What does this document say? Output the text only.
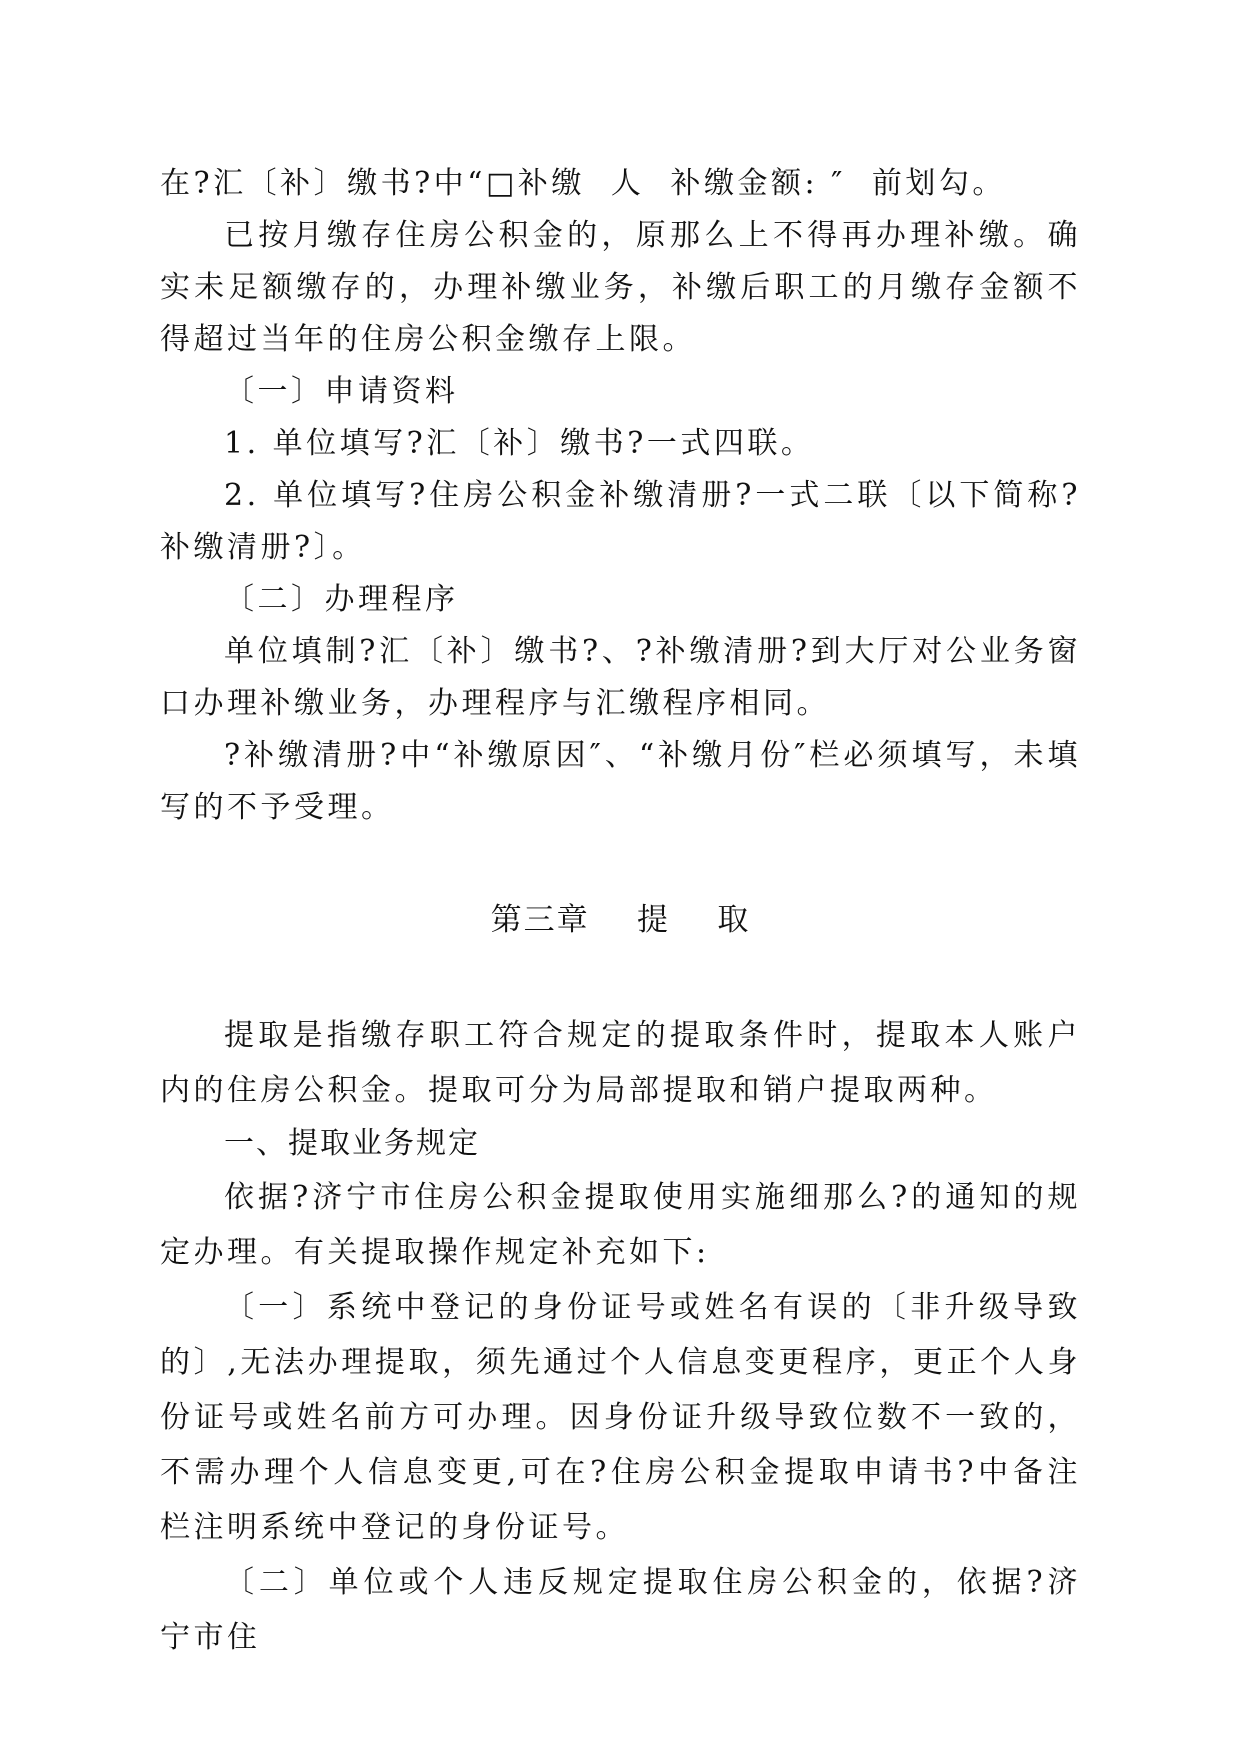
在?汇〔补〕缴书?中“□补缴  人  补缴金额: ″  前划勾。

已按月缴存住房公积金的，原那么上不得再办理补缴。确实未足额缴存的，办理补缴业务，补缴后职工的月缴存金额不得超过当年的住房公积金缴存上限。

〔一〕申请资料

1. 单位填写?汇〔补〕缴书?一式四联。

2. 单位填写?住房公积金补缴清册?一式二联〔以下简称?补缴清册?〕。

〔二〕办理程序

单位填制?汇〔补〕缴书?、?补缴清册?到大厅对公业务窗口办理补缴业务，办理程序与汇缴程序相同。

?补缴清册?中“补缴原因″、“补缴月份″栏必须填写，未填写的不予受理。

第三章    提    取

提取是指缴存职工符合规定的提取条件时，提取本人账户内的住房公积金。提取可分为局部提取和销户提取两种。

一、提取业务规定

依据?济宁市住房公积金提取使用实施细那么?的通知的规定办理。有关提取操作规定补充如下:

〔一〕系统中登记的身份证号或姓名有误的〔非升级导致的〕,无法办理提取，须先通过个人信息变更程序，更正个人身份证号或姓名前方可办理。因身份证升级导致位数不一致的，不需办理个人信息变更,可在?住房公积金提取申请书?中备注栏注明系统中登记的身份证号。

〔二〕单位或个人违反规定提取住房公积金的，依据?济宁市住
